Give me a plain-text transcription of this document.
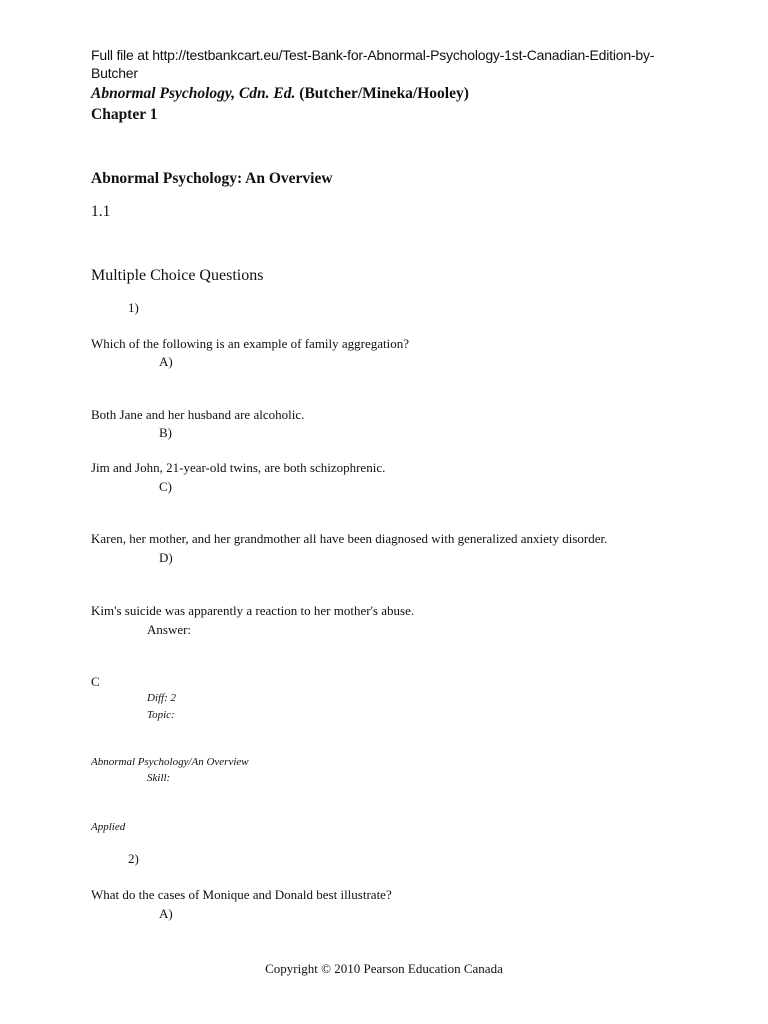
Full file at http://testbankcart.eu/Test-Bank-for-Abnormal-Psychology-1st-Canadian-Edition-by-Butcher
Abnormal Psychology, Cdn. Ed. (Butcher/Mineka/Hooley)
Chapter 1
Abnormal Psychology: An Overview
1.1
Multiple Choice Questions
1)
Which of the following is an example of family aggregation?
A)
Both Jane and her husband are alcoholic.
B)
Jim and John, 21-year-old twins, are both schizophrenic.
C)
Karen, her mother, and her grandmother all have been diagnosed with generalized anxiety disorder.
D)
Kim's suicide was apparently a reaction to her mother's abuse.
Answer:
C
Diff: 2
Topic:
Abnormal Psychology/An Overview
Skill:
Applied
2)
What do the cases of Monique and Donald best illustrate?
A)
Copyright © 2010 Pearson Education Canada
